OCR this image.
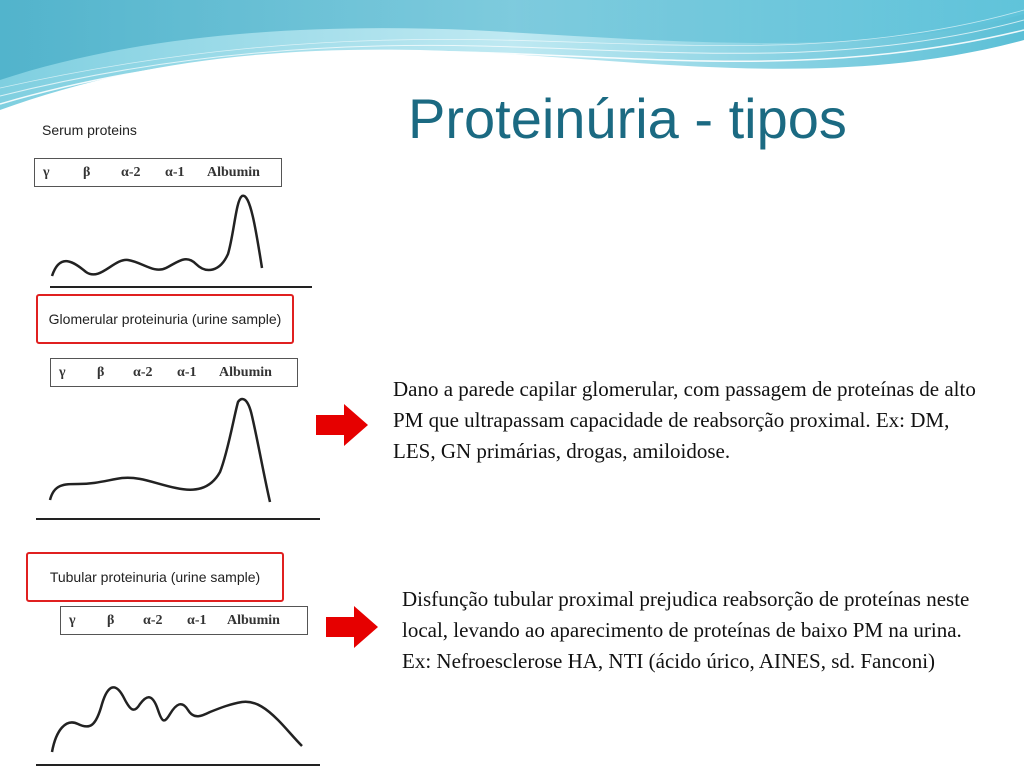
Proteinúria - tipos
Serum proteins
γ β α-2 α-1 Albumin
Glomerular proteinuria (urine sample)
γ β α-2 α-1 Albumin
Tubular proteinuria (urine sample)
γ β α-2 α-1 Albumin
Dano a parede capilar glomerular, com passagem de proteínas de alto PM que ultrapassam capacidade de reabsorção proximal. Ex: DM, LES, GN primárias, drogas, amiloidose.
Disfunção tubular proximal prejudica reabsorção de proteínas neste local, levando ao aparecimento de proteínas de baixo PM na urina. Ex: Nefroesclerose HA, NTI (ácido úrico, AINES, sd. Fanconi)
